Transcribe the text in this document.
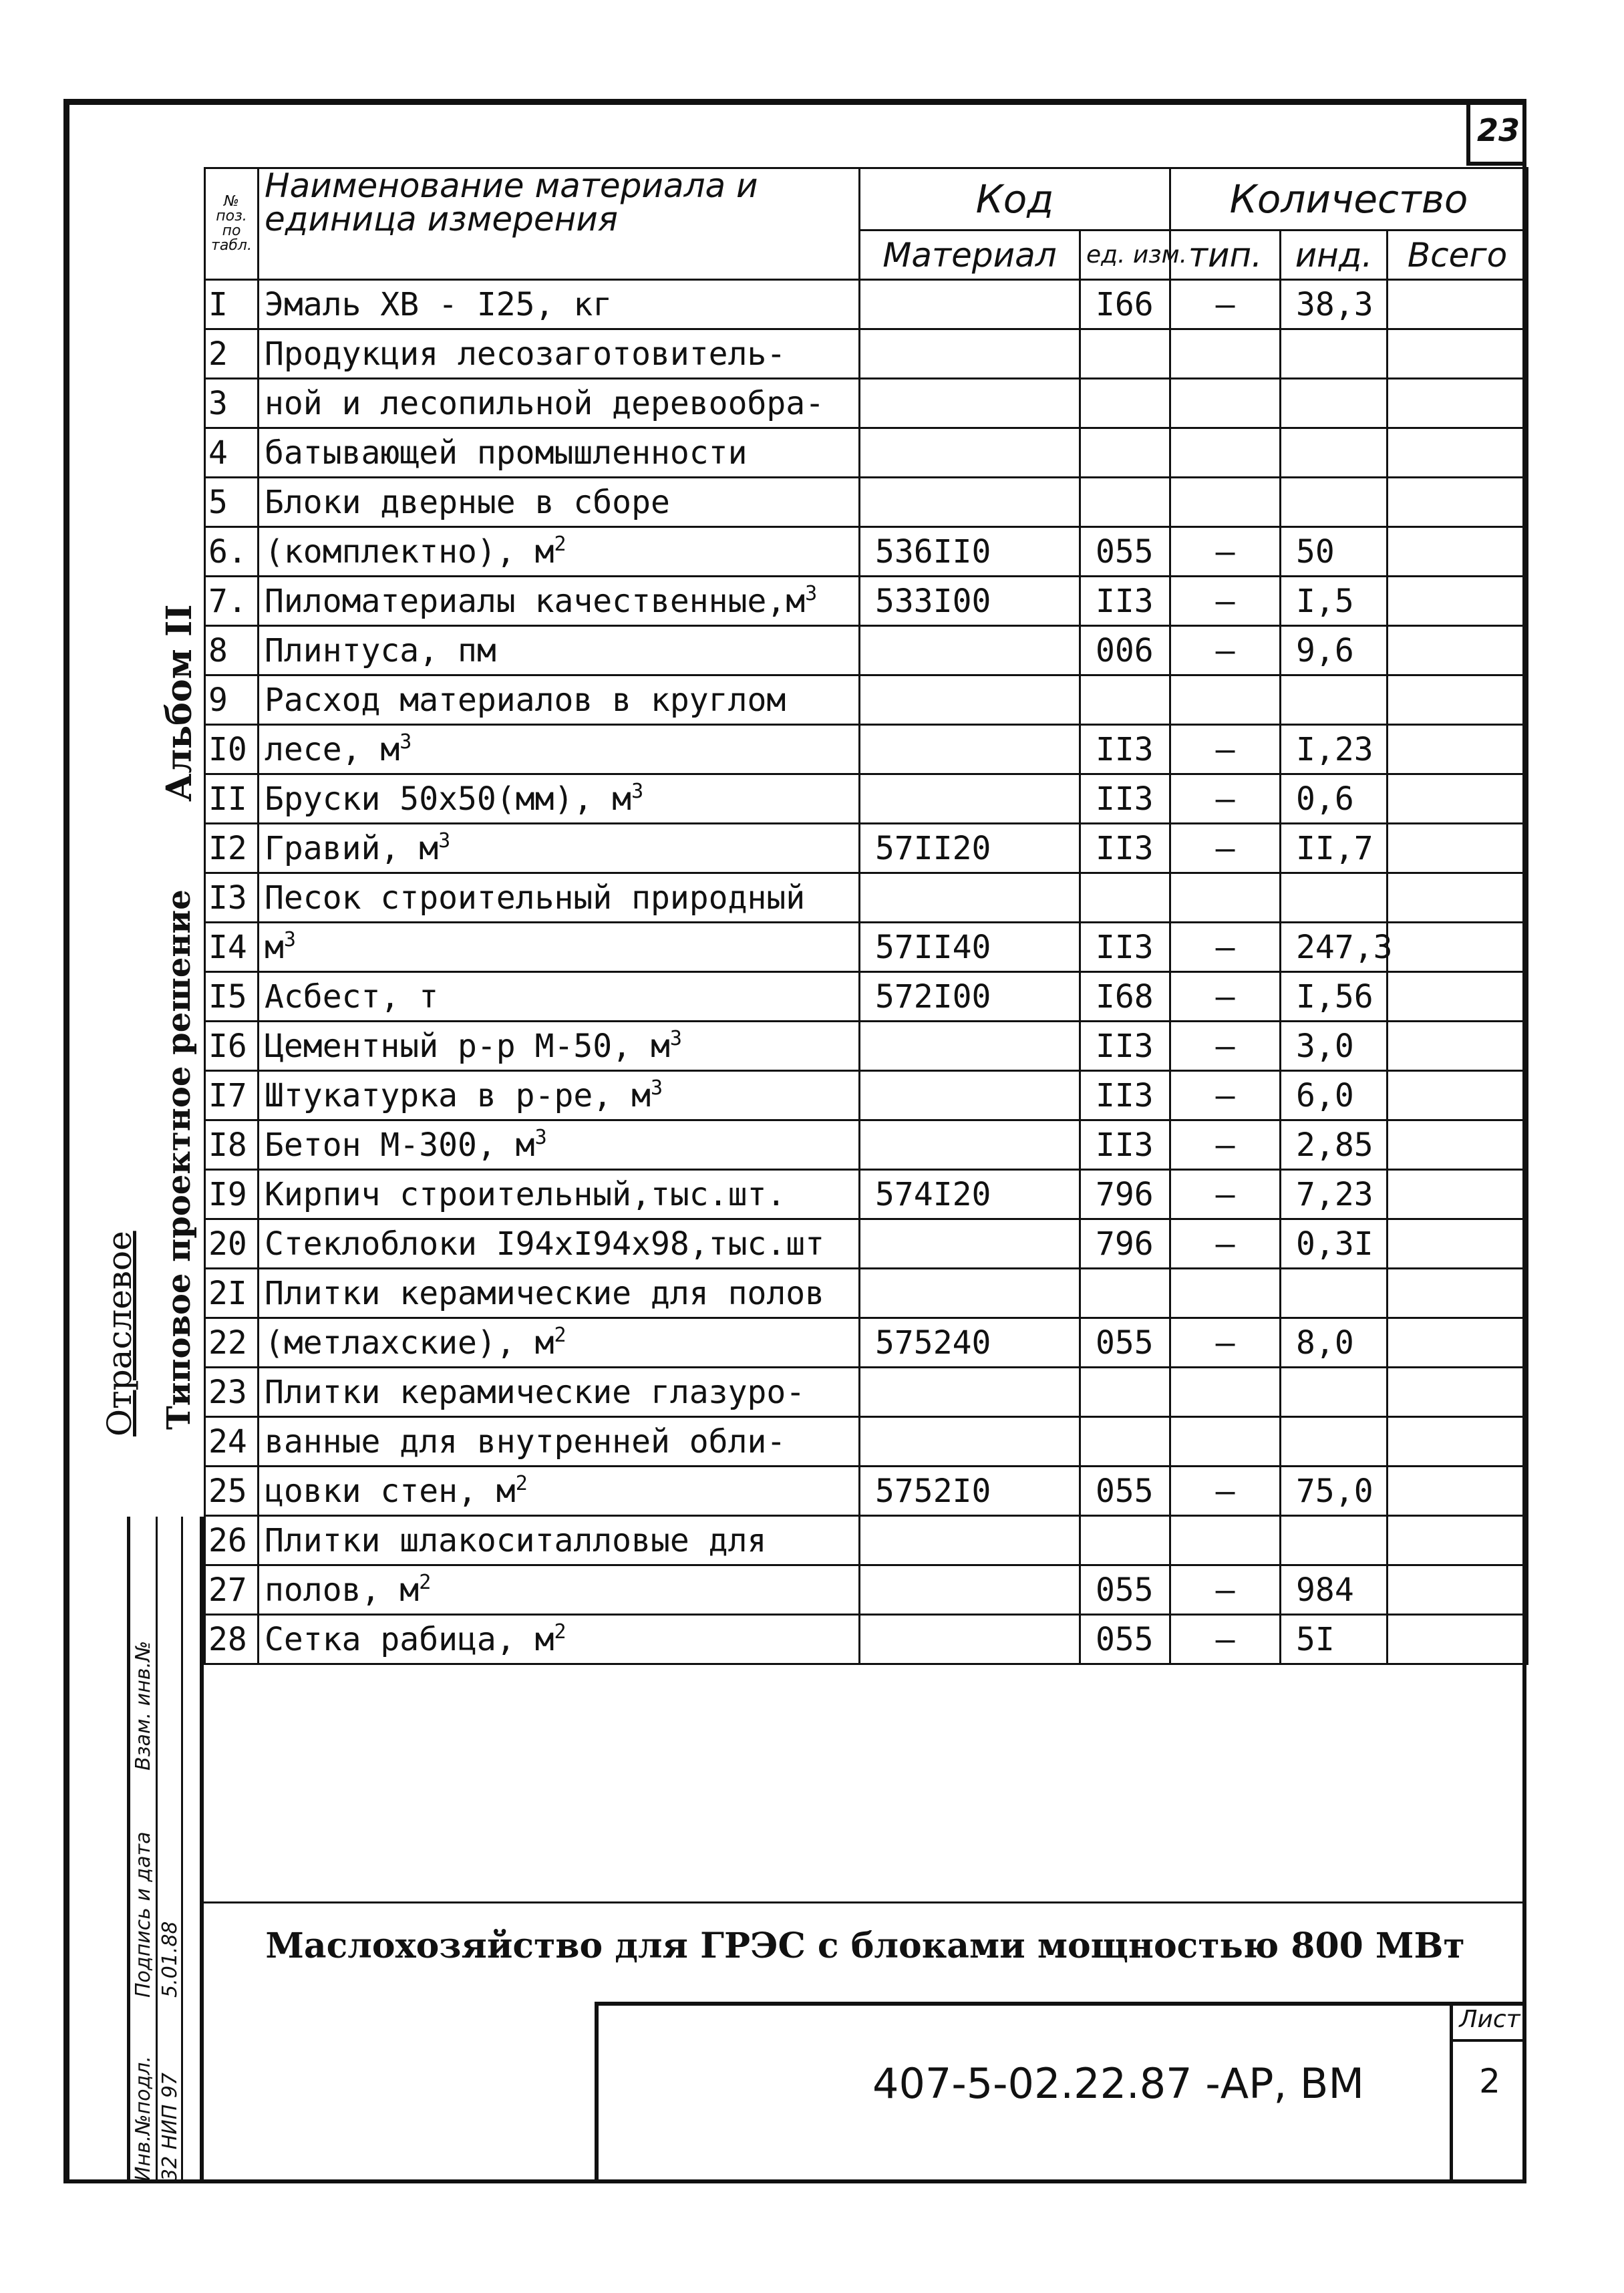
23
Альбом II
Типовое проектное решение
Отраслевое
Инв.№подл.
Подпись и дата
Взам. инв.№
32 НИП 97
5.01.88
№ поз. по табл.	Наименование материала и единица измерения	Код		Количество		
		Материал	ед. изм.	тип.	инд.	Всего
I	Эмаль ХВ - I25, кг		I66	–	38,3	
2	Продукция лесозаготовитель-					
3	ной и лесопильной деревообра-					
4	батывающей промышленности					
5	Блоки дверные в сборе					
6.	(комплектно), $м^2$	536II0	055	–	50	
7.	Пиломатериалы $качественные,м^3$	533I00	II3	–	I,5	
8	Плинтуса, пм		006	–	9,6	
9	Расход материалов в круглом					
I0	лесе, $м^3$		II3	–	I,23	
II	Бруски 50х50(мм), $м^3$		II3	–	0,6	
I2	Гравий, $м^3$	57II20	II3	–	II,7	
I3	Песок строительный природный					
I4	$м^3$	57II40	II3	–	247,3	
I5	Асбест, т	572I00	I68	–	I,56	
I6	Цементный р-р М-50, $м^3$		II3	–	3,0	
I7	Штукатурка в р-ре, $м^3$		II3	–	6,0	
I8	Бетон М-300, $м^3$		II3	–	2,85	
I9	Кирпич строительный,тыс.шт.	574I20	796	–	7,23	
20	Стеклоблоки I94хI94х98,тыс.шт		796	–	0,3I	
2I	Плитки керамические для полов					
22	(метлахские), $м^2$	575240	055	–	8,0	
23	Плитки керамические глазуро-					
24	ванные для внутренней обли-					
25	цовки стен, $м^2$	5752I0	055	–	75,0	
26	Плитки шлакоситалловые для					
27	полов, $м^2$		055	–	984	
28	Сетка рабица, $м^2$		055	–	5I	
Маслохозяйство для ГРЭС с блоками мощностью 800 МВт
407-5-02.22.87 -АР, ВМ
Лист
2
